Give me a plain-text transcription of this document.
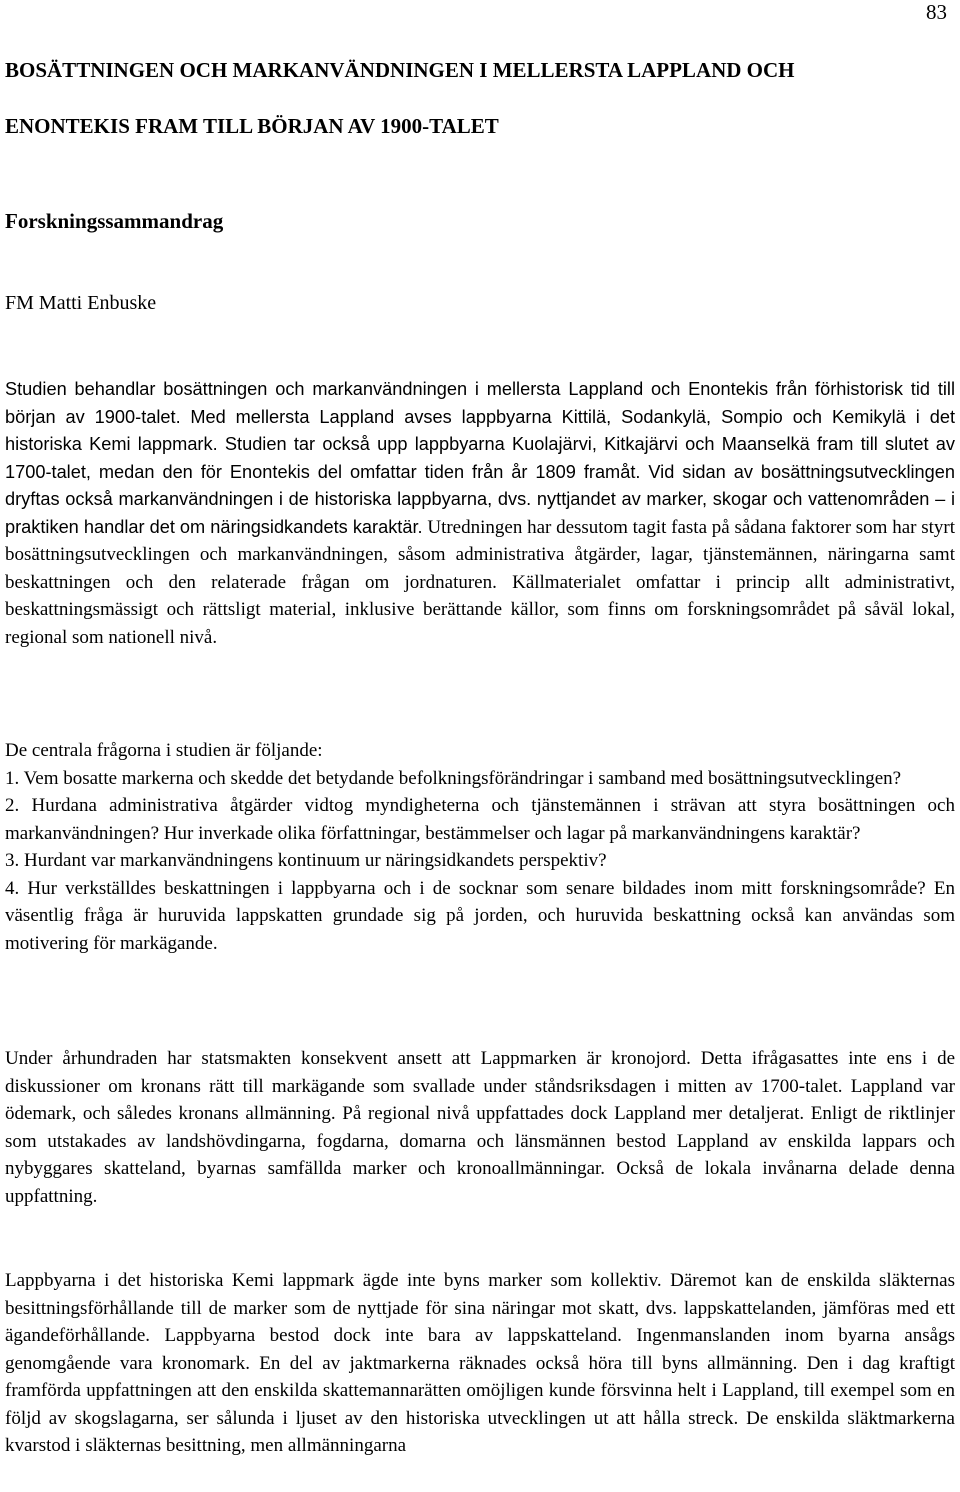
83
BOSÄTTNINGEN OCH MARKANVÄNDNINGEN I MELLERSTA LAPPLAND OCH
ENONTEKIS FRAM TILL BÖRJAN AV 1900-TALET
Forskningssammandrag
FM Matti Enbuske

Studien behandlar bosättningen och markanvändningen i mellersta Lappland och Enontekis från förhistorisk tid till början av 1900-talet. Med mellersta Lappland avses lappbyarna Kittilä, Sodankylä, Sompio och Kemikylä i det historiska Kemi lappmark. Studien tar också upp lappbyarna Kuolajärvi, Kitkajärvi och Maanselkä fram till slutet av 1700-talet, medan den för Enontekis del omfattar tiden från år 1809 framåt. Vid sidan av bosättningsutvecklingen dryftas också markanvändningen i de historiska lappbyarna, dvs. nyttjandet av marker, skogar och vattenområden – i praktiken handlar det om näringsidkandets karaktär. Utredningen har dessutom tagit fasta på sådana faktorer som har styrt bosättningsutvecklingen och markanvändningen, såsom administrativa åtgärder, lagar, tjänstemännen, näringarna samt beskattningen och den relaterade frågan om jordnaturen. Källmaterialet omfattar i princip allt administrativt, beskattningsmässigt och rättsligt material, inklusive berättande källor, som finns om forskningsområdet på såväl lokal, regional som nationell nivå.

De centrala frågorna i studien är följande:
1. Vem bosatte markerna och skedde det betydande befolkningsförändringar i samband med bosättningsutvecklingen?
2. Hurdana administrativa åtgärder vidtog myndigheterna och tjänstemännen i strävan att styra bosättningen och markanvändningen? Hur inverkade olika författningar, bestämmelser och lagar på markanvändningens karaktär?
3. Hurdant var markanvändningens kontinuum ur näringsidkandets perspektiv?
4. Hur verkställdes beskattningen i lappbyarna och i de socknar som senare bildades inom mitt forskningsområde? En väsentlig fråga är huruvida lappskatten grundade sig på jorden, och huruvida beskattning också kan användas som motivering för markägande.

Under århundraden har statsmakten konsekvent ansett att Lappmarken är kronojord. Detta ifrågasattes inte ens i de diskussioner om kronans rätt till markägande som svallade under ståndsriksdagen i mitten av 1700-talet. Lappland var ödemark, och således kronans allmänning. På regional nivå uppfattades dock Lappland mer detaljerat. Enligt de riktlinjer som utstakades av landshövdingarna, fogdarna, domarna och länsmännen bestod Lappland av enskilda lappars och nybyggares skatteland, byarnas samfällda marker och kronoallmänningar. Också de lokala invånarna delade denna uppfattning.

Lappbyarna i det historiska Kemi lappmark ägde inte byns marker som kollektiv. Däremot kan de enskilda släkternas besittningsförhållande till de marker som de nyttjade för sina näringar mot skatt, dvs. lappskattelanden, jämföras med ett ägandeförhållande. Lappbyarna bestod dock inte bara av lappskatteland. Ingenmanslanden inom byarna ansågs genomgående vara kronomark. En del av jaktmarkerna räknades också höra till byns allmänning. Den i dag kraftigt framförda uppfattningen att den enskilda skattemannarätten omöjligen kunde försvinna helt i Lappland, till exempel som en följd av skogslagarna, ser sålunda i ljuset av den historiska utvecklingen ut att hålla streck. De enskilda släktmarkerna kvarstod i släkternas besittning, men allmänningarna
